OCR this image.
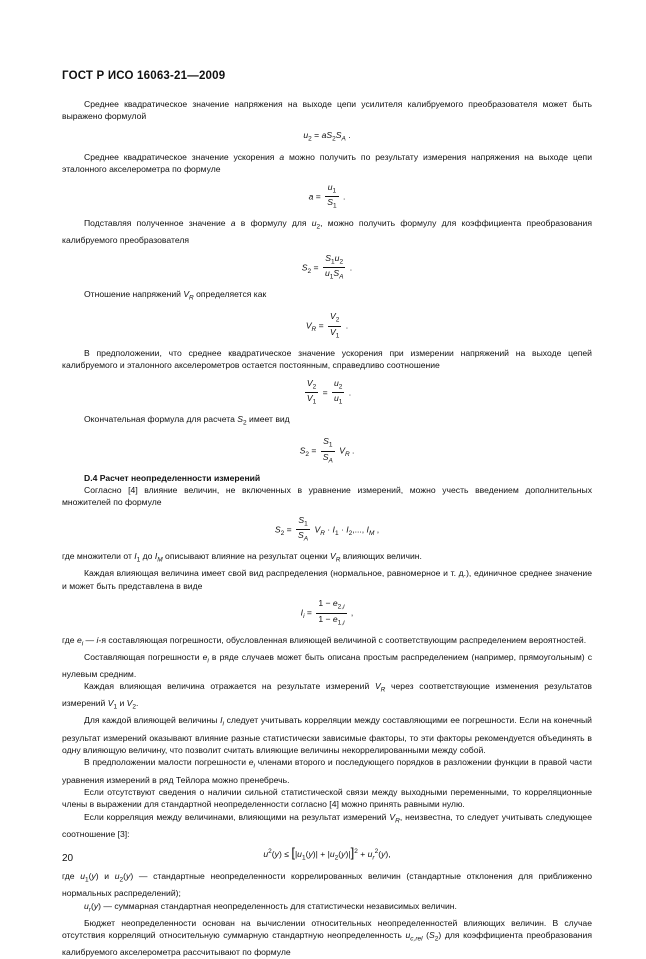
ГОСТ Р ИСО 16063-21—2009

Среднее квадратическое значение напряжения на выходе цепи усилителя калибруемого преобразователя может быть выражено формулой

$u_2 = aS_2S_A$ .

Среднее квадратическое значение ускорения a можно получить по результату измерения напряжения на выходе цепи эталонного акселерометра по формуле

$a = \frac{u_1}{S_1}$ .

Подставляя полученное значение a в формулу для $u_2$, можно получить формулу для коэффициента преобразования калибруемого преобразователя

$S_2 = \frac{S_1u_2}{u_1S_A}$ .

Отношение напряжений $V_R$ определяется как

$V_R = \frac{V_2}{V_1}$ .

В предположении, что среднее квадратическое значение ускорения при измерении напряжений на выходе цепей калибруемого и эталонного акселерометров остается постоянным, справедливо соотношение

$\frac{V_2}{V_1} = \frac{u_2}{u_1}$ .

Окончательная формула для расчета $S_2$ имеет вид

$S_2 = \frac{S_1}{S_A} V_R$ .

D.4 Расчет неопределенности измерений

Согласно [4] влияние величин, не включенных в уравнение измерений, можно учесть введением дополнительных множителей по формуле

$S_2 = \frac{S_1}{S_A} V_R \cdot I_1 \cdot I_2$,..., $I_M$ ,

где множители от $I_1$ до $I_M$ описывают влияние на результат оценки $V_R$ влияющих величин.

Каждая влияющая величина имеет свой вид распределения (нормальное, равномерное и т. д.), единичное среднее значение и может быть представлена в виде

$I_i = \frac{1 - e_{2,i}}{1 - e_{1,i}}$ ,

где $e_i$ — i-я составляющая погрешности, обусловленная влияющей величиной с соответствующим распределением вероятностей.

Составляющая погрешности $e_i$ в ряде случаев может быть описана простым распределением (например, прямоугольным) с нулевым средним.

Каждая влияющая величина отражается на результате измерений $V_R$ через соответствующие изменения результатов измерений $V_1$ и $V_2$.

Для каждой влияющей величины $I_i$ следует учитывать корреляции между составляющими ее погрешности. Если на конечный результат измерений оказывают влияние разные статистически зависимые факторы, то эти факторы рекомендуется объединять в одну влияющую величину, что позволит считать влияющие величины некоррелированными между собой.

В предположении малости погрешности $e_i$ членами второго и последующего порядков в разложении функции в правой части уравнения измерений в ряд Тейлора можно пренебречь.

Если отсутствуют сведения о наличии сильной статистической связи между выходными переменными, то корреляционные члены в выражении для стандартной неопределенности согласно [4] можно принять равными нулю.

Если корреляция между величинами, влияющими на результат измерений $V_R$, неизвестна, то следует учитывать следующее соотношение [3]:

$u^2(y) \le [|u_1(y)| + |u_2(y)|]^2 + u_r^2(y)$,

где $u_1(y)$ и $u_2(y)$ — стандартные неопределенности коррелированных величин (стандартные отклонения для приближенно нормальных распределений);

$u_r(y)$ — суммарная стандартная неопределенность для статистически независимых величин.

Бюджет неопределенности основан на вычислении относительных неопределенностей влияющих величин. В случае отсутствия корреляций относительную суммарную стандартную неопределенность $u_{c,rel}$ $(S_2)$ для коэффициента преобразования калибруемого акселерометра рассчитывают по формуле

20
